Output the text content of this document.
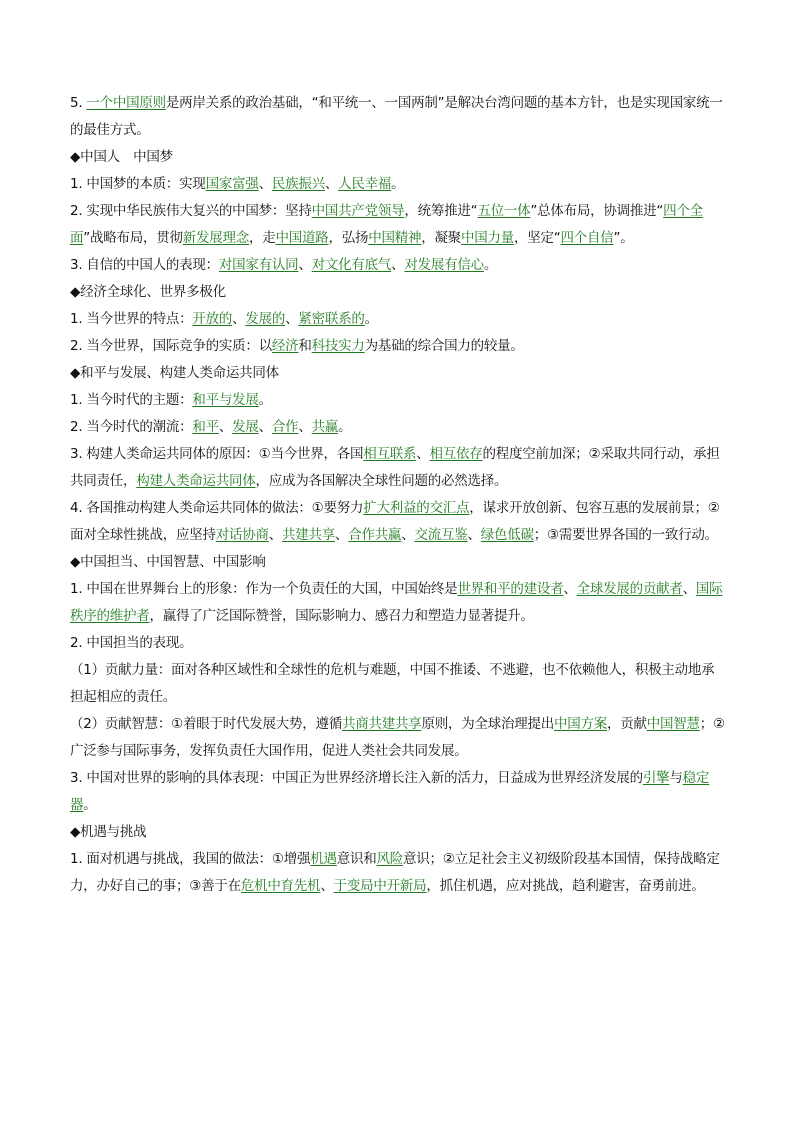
5. 一个中国原则是两岸关系的政治基础，“和平统一、一国两制”是解决台湾问题的基本方针，也是实现国家统一的最佳方式。

◆中国人　中国梦

1. 中国梦的本质：实现国家富强、民族振兴、人民幸福。

2. 实现中华民族伟大复兴的中国梦：坚持中国共产党领导，统筹推进“五位一体”总体布局，协调推进“四个全面”战略布局，贯彻新发展理念，走中国道路，弘扬中国精神，凝聚中国力量，坚定“四个自信”。

3. 自信的中国人的表现：对国家有认同、对文化有底气、对发展有信心。

◆经济全球化、世界多极化

1. 当今世界的特点：开放的、发展的、紧密联系的。

2. 当今世界，国际竞争的实质：以经济和科技实力为基础的综合国力的较量。

◆和平与发展、构建人类命运共同体

1. 当今时代的主题：和平与发展。

2. 当今时代的潮流：和平、发展、合作、共赢。

3. 构建人类命运共同体的原因：①当今世界，各国相互联系、相互依存的程度空前加深；②采取共同行动，承担共同责任，构建人类命运共同体，应成为各国解决全球性问题的必然选择。

4. 各国推动构建人类命运共同体的做法：①要努力扩大利益的交汇点，谋求开放创新、包容互惠的发展前景；②面对全球性挑战，应坚持对话协商、共建共享、合作共赢、交流互鉴、绿色低碳；③需要世界各国的一致行动。

◆中国担当、中国智慧、中国影响

1. 中国在世界舞台上的形象：作为一个负责任的大国，中国始终是世界和平的建设者、全球发展的贡献者、国际秩序的维护者，赢得了广泛国际赞誉，国际影响力、感召力和塑造力显著提升。

2. 中国担当的表现。

（1）贡献力量：面对各种区域性和全球性的危机与难题，中国不推诿、不逃避，也不依赖他人，积极主动地承担起相应的责任。

（2）贡献智慧：①着眼于时代发展大势，遵循共商共建共享原则，为全球治理提出中国方案，贡献中国智慧；②广泛参与国际事务，发挥负责任大国作用，促进人类社会共同发展。

3. 中国对世界的影响的具体表现：中国正为世界经济增长注入新的活力，日益成为世界经济发展的引擎与稳定器。

◆机遇与挑战

1. 面对机遇与挑战，我国的做法：①增强机遇意识和风险意识；②立足社会主义初级阶段基本国情，保持战略定力，办好自己的事；③善于在危机中育先机、于变局中开新局，抓住机遇，应对挑战，趋利避害，奋勇前进。
